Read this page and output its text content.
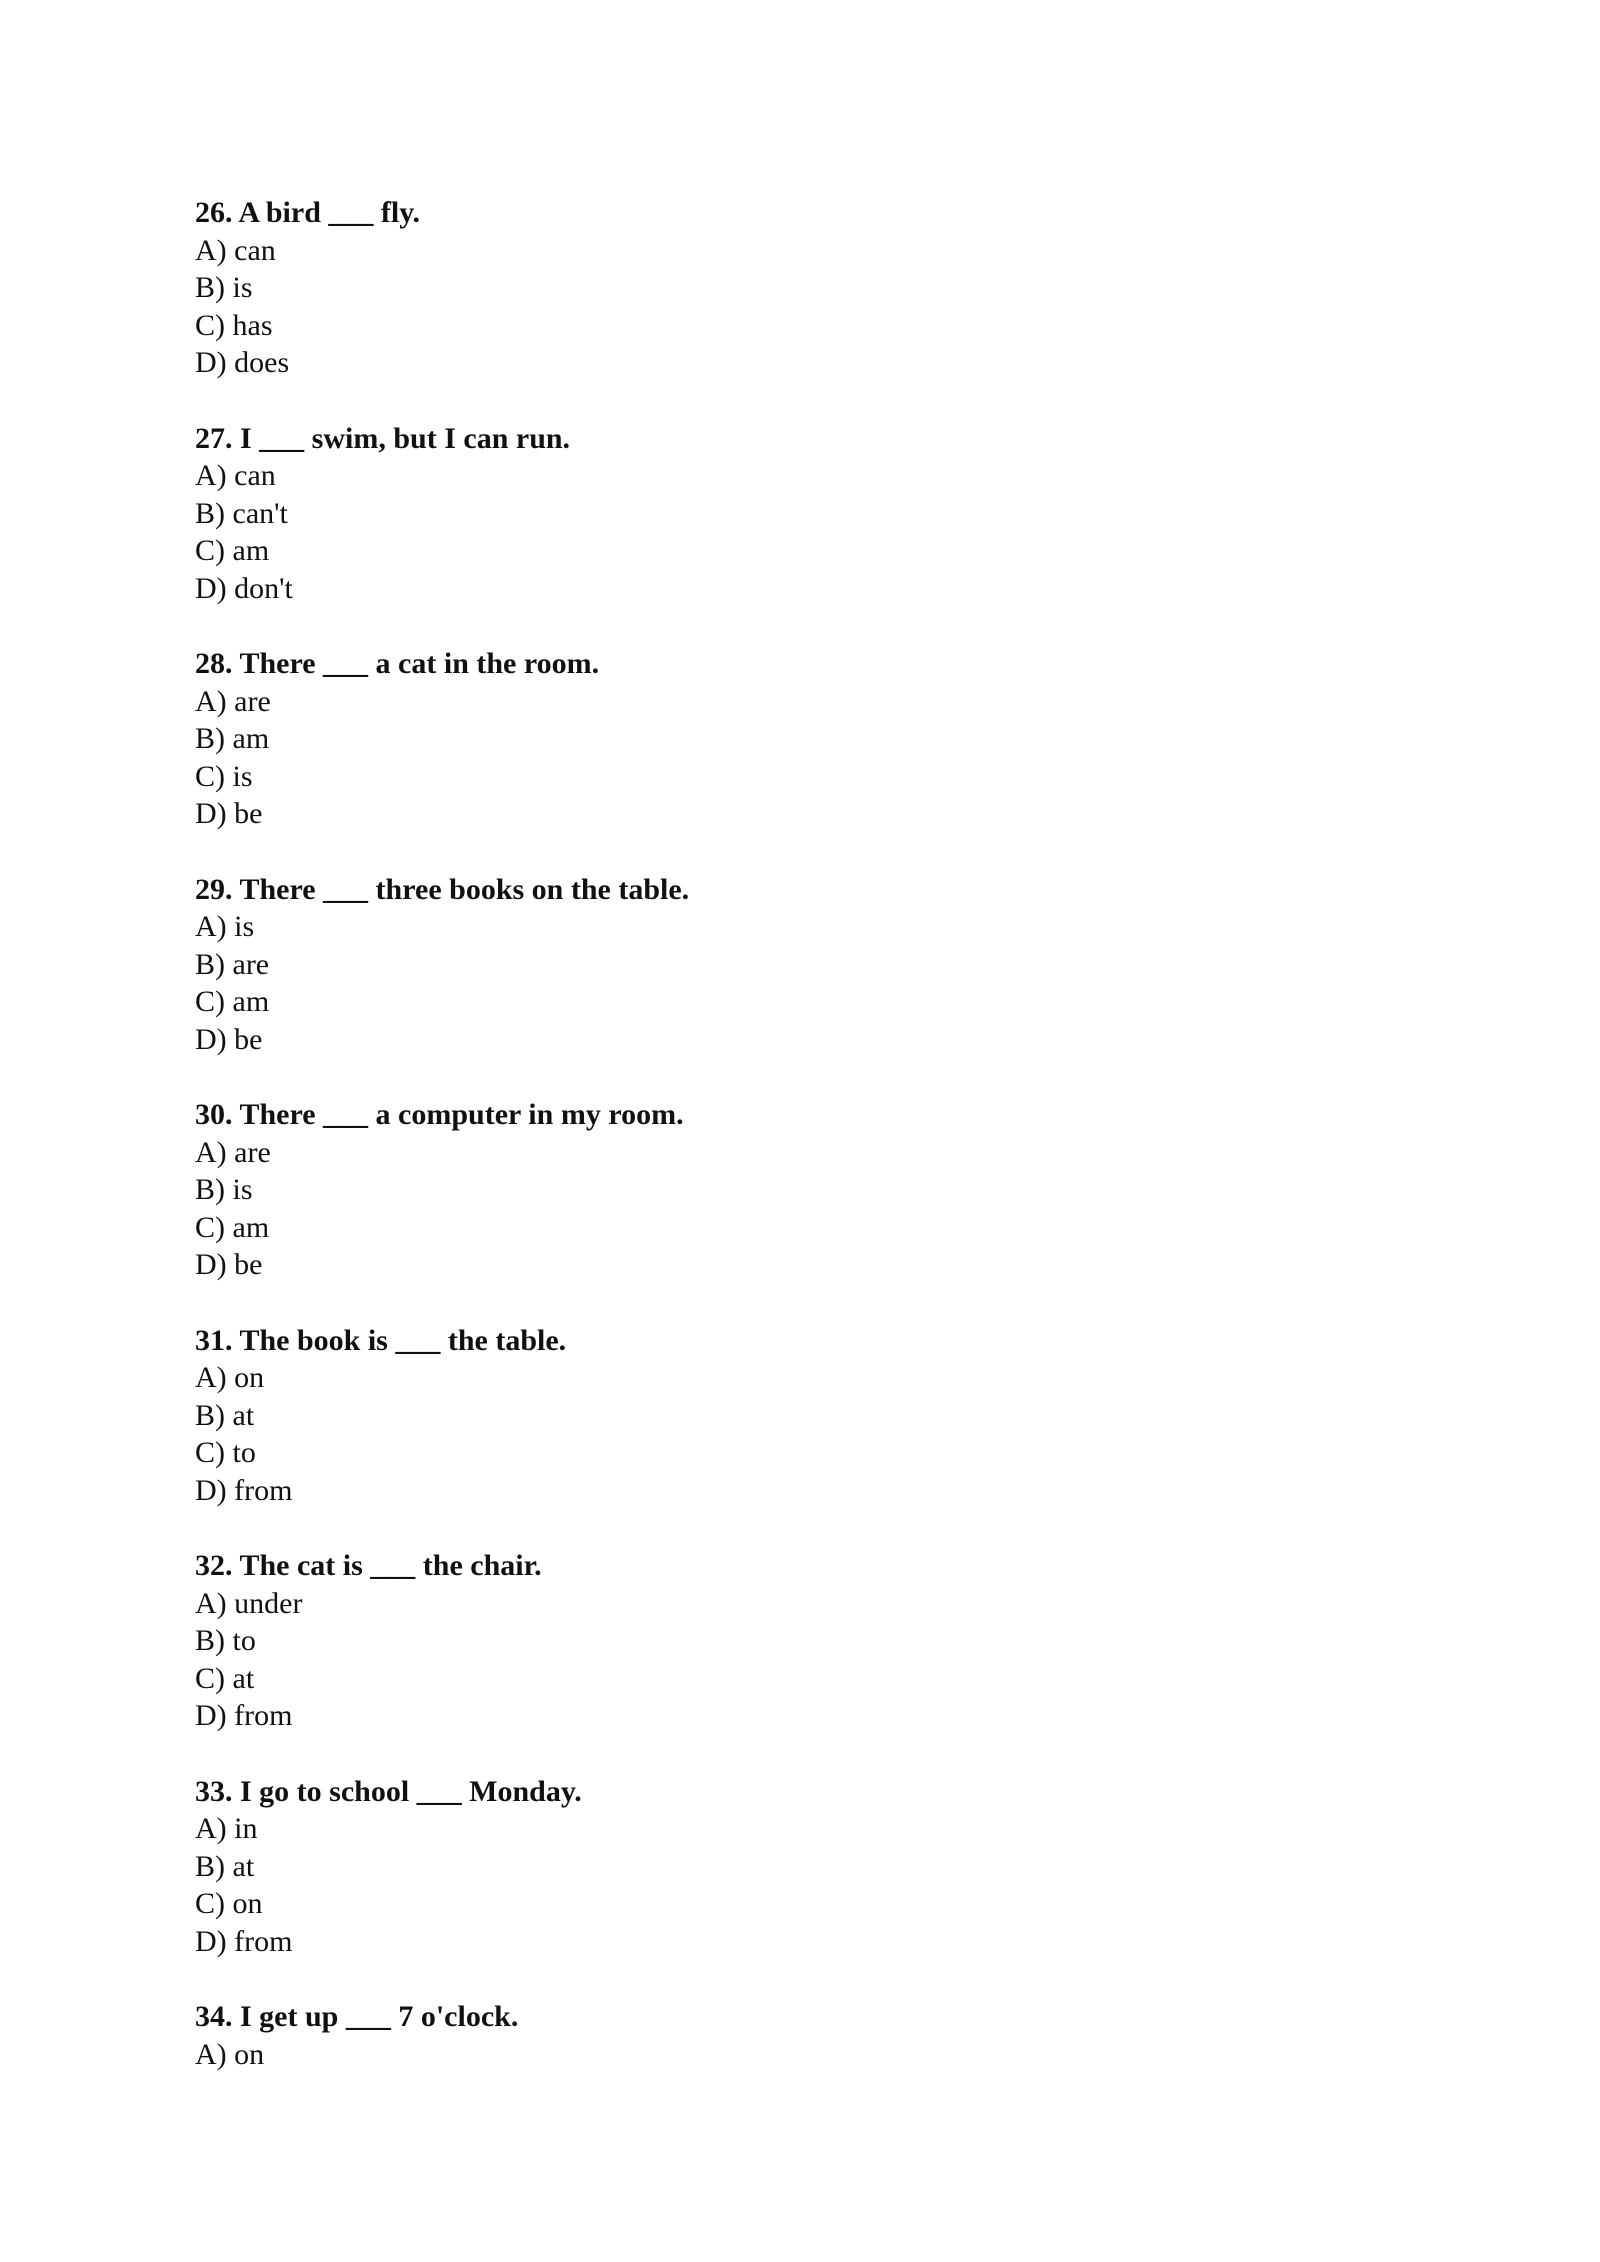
26. A bird ___ fly.
A) can
B) is
C) has
D) does
27. I ___ swim, but I can run.
A) can
B) can't
C) am
D) don't
28. There ___ a cat in the room.
A) are
B) am
C) is
D) be
29. There ___ three books on the table.
A) is
B) are
C) am
D) be
30. There ___ a computer in my room.
A) are
B) is
C) am
D) be
31. The book is ___ the table.
A) on
B) at
C) to
D) from
32. The cat is ___ the chair.
A) under
B) to
C) at
D) from
33. I go to school ___ Monday.
A) in
B) at
C) on
D) from
34. I get up ___ 7 o'clock.
A) on
